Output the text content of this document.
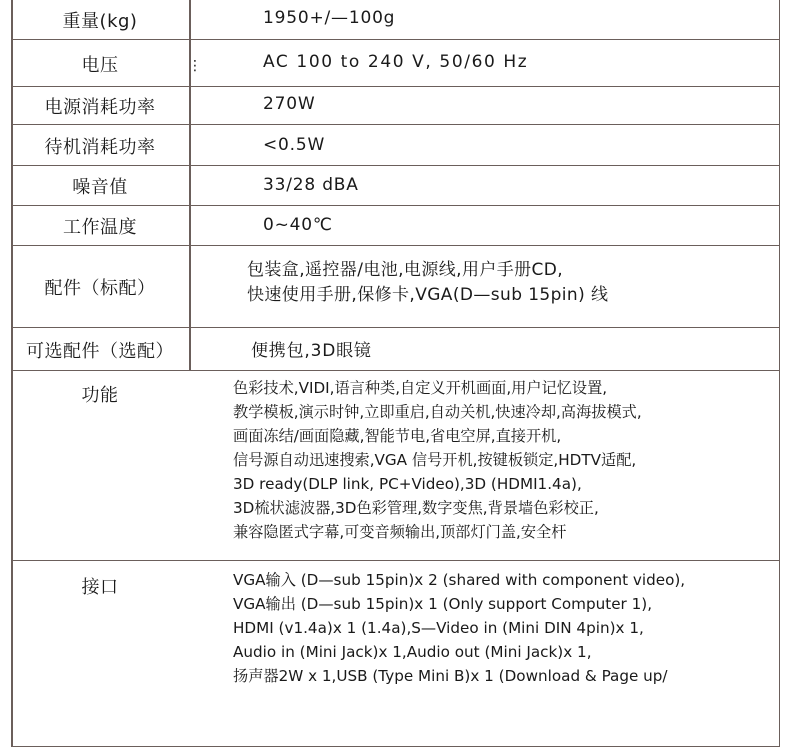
⋮
重量(kg)	1950+/—100g
电压	AC 100 to 240 V, 50/60 Hz
电源消耗功率	270W
待机消耗功率	<0.5W
噪音值	33/28 dBA
工作温度	0~40℃
配件（标配）
包装盒,遥控器/电池,电源线,用户手册CD,
快速使用手册,保修卡,VGA(D—sub 15pin) 线
可选配件（选配）	便携包,3D眼镜
功能	色彩技术,VIDI,语言种类,自定义开机画面,用户记忆设置,
教学模板,演示时钟,立即重启,自动关机,快速冷却,高海拔模式,
画面冻结/画面隐藏,智能节电,省电空屏,直接开机,
信号源自动迅速搜索,VGA 信号开机,按键板锁定,HDTV适配,
3D ready(DLP link, PC+Video),3D (HDMI1.4a),
3D梳状滤波器,3D色彩管理,数字变焦,背景墙色彩校正,
兼容隐匿式字幕,可变音频输出,顶部灯门盖,安全杆
接口	VGA输入 (D—sub 15pin)x 2 (shared with component video),
VGA输出 (D—sub 15pin)x 1 (Only support Computer 1),
HDMI (v1.4a)x 1 (1.4a),S—Video in (Mini DIN 4pin)x 1,
Audio in (Mini Jack)x 1,Audio out (Mini Jack)x 1,
扬声器2W x 1,USB (Type Mini B)x 1 (Download & Page up/
